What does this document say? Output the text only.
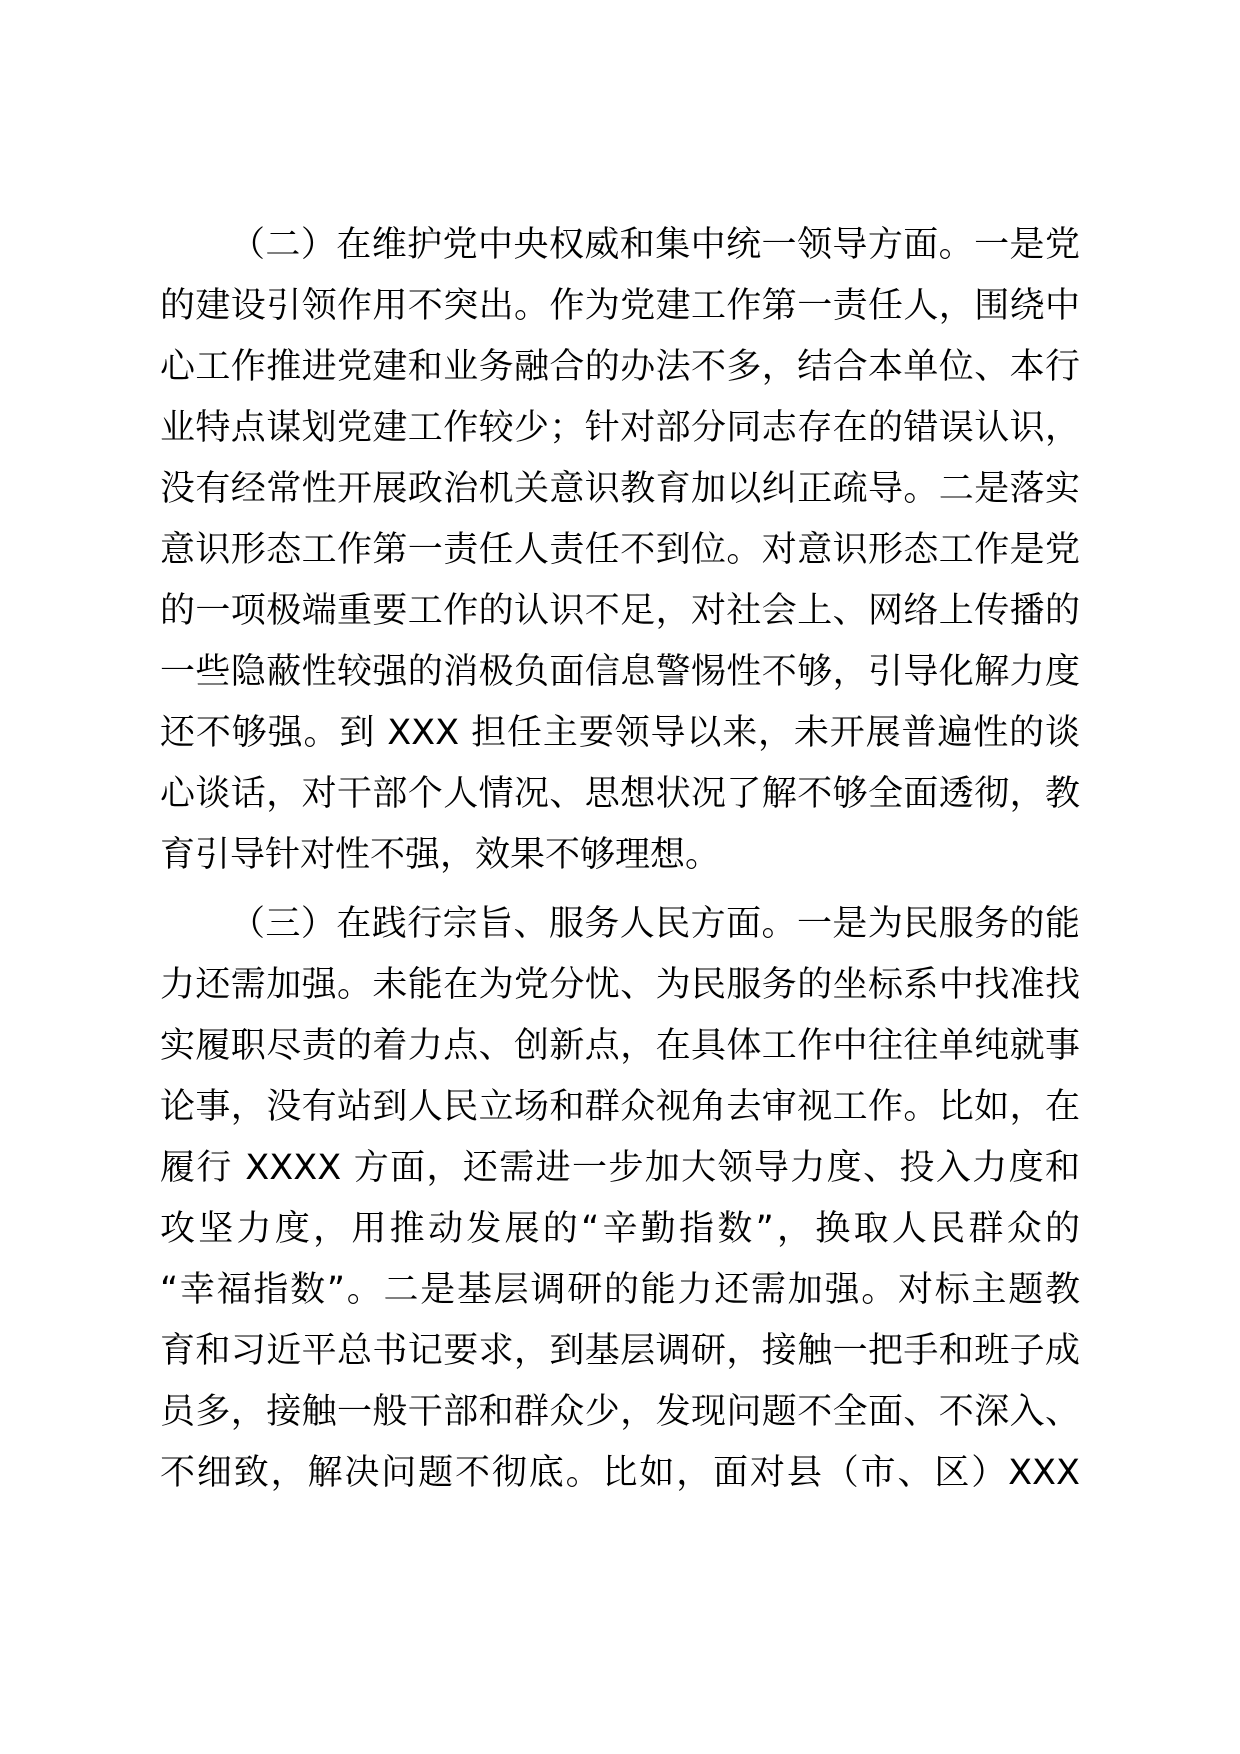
（二）在维护党中央权威和集中统一领导方面。一是党
的建设引领作用不突出。作为党建工作第一责任人，围绕中
心工作推进党建和业务融合的办法不多，结合本单位、本行
业特点谋划党建工作较少；针对部分同志存在的错误认识，
没有经常性开展政治机关意识教育加以纠正疏导。二是落实
意识形态工作第一责任人责任不到位。对意识形态工作是党
的一项极端重要工作的认识不足，对社会上、网络上传播的
一些隐蔽性较强的消极负面信息警惕性不够，引导化解力度
还不够强。到 XXX 担任主要领导以来，未开展普遍性的谈
心谈话，对干部个人情况、思想状况了解不够全面透彻，教
育引导针对性不强，效果不够理想。

（三）在践行宗旨、服务人民方面。一是为民服务的能
力还需加强。未能在为党分忧、为民服务的坐标系中找准找
实履职尽责的着力点、创新点，在具体工作中往往单纯就事
论事，没有站到人民立场和群众视角去审视工作。比如，在
履行 XXXX 方面，还需进一步加大领导力度、投入力度和
攻坚力度，用推动发展的“辛勤指数”，换取人民群众的
“幸福指数”。二是基层调研的能力还需加强。对标主题教
育和习近平总书记要求，到基层调研，接触一把手和班子成
员多，接触一般干部和群众少，发现问题不全面、不深入、
不细致，解决问题不彻底。比如，面对县（市、区）XXX
